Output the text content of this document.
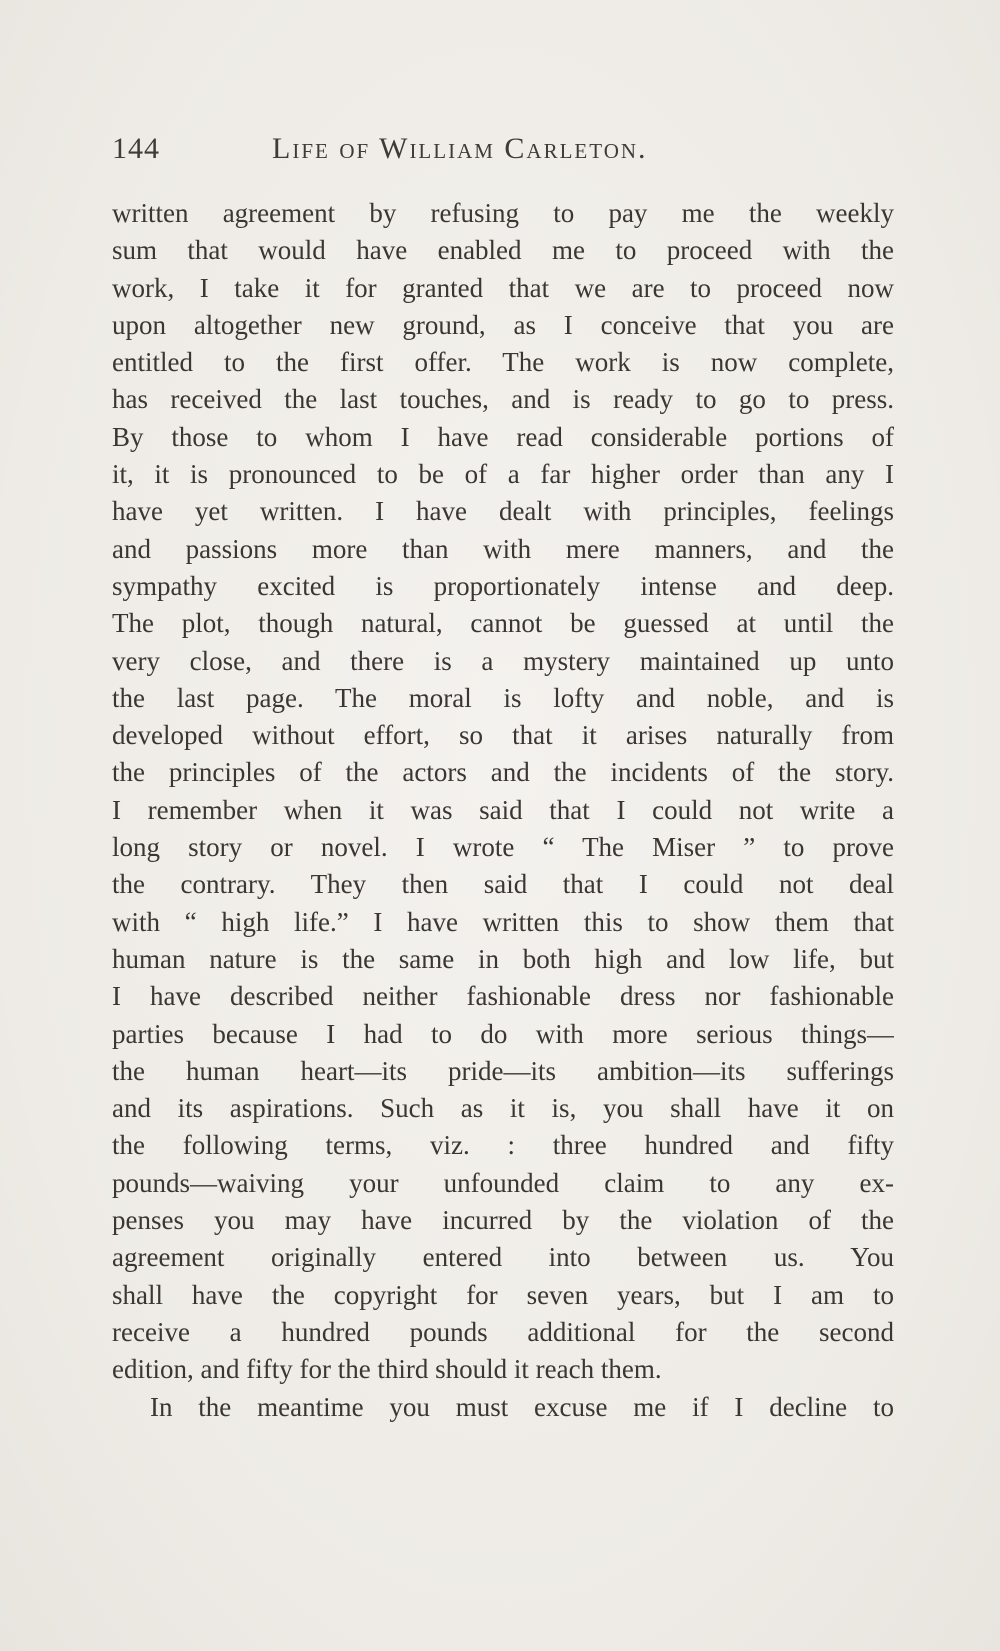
144	Life of William Carleton.
written agreement by refusing to pay me the weekly
sum that would have enabled me to proceed with the
work, I take it for granted that we are to proceed now
upon altogether new ground, as I conceive that you are
entitled to the first offer. The work is now complete,
has received the last touches, and is ready to go to press.
By those to whom I have read considerable portions of
it, it is pronounced to be of a far higher order than any I
have yet written. I have dealt with principles, feelings
and passions more than with mere manners, and the
sympathy excited is proportionately intense and deep.
The plot, though natural, cannot be guessed at until the
very close, and there is a mystery maintained up unto
the last page. The moral is lofty and noble, and is
developed without effort, so that it arises naturally from
the principles of the actors and the incidents of the story.
I remember when it was said that I could not write a
long story or novel. I wrote “ The Miser ” to prove
the contrary. They then said that I could not deal
with “ high life.” I have written this to show them that
human nature is the same in both high and low life, but
I have described neither fashionable dress nor fashionable
parties because I had to do with more serious things—
the human heart—its pride—its ambition—its sufferings
and its aspirations. Such as it is, you shall have it on
the following terms, viz. : three hundred and fifty
pounds—waiving your unfounded claim to any ex-
penses you may have incurred by the violation of the
agreement originally entered into between us. You
shall have the copyright for seven years, but I am to
receive a hundred pounds additional for the second
edition, and fifty for the third should it reach them.
In the meantime you must excuse me if I decline to
